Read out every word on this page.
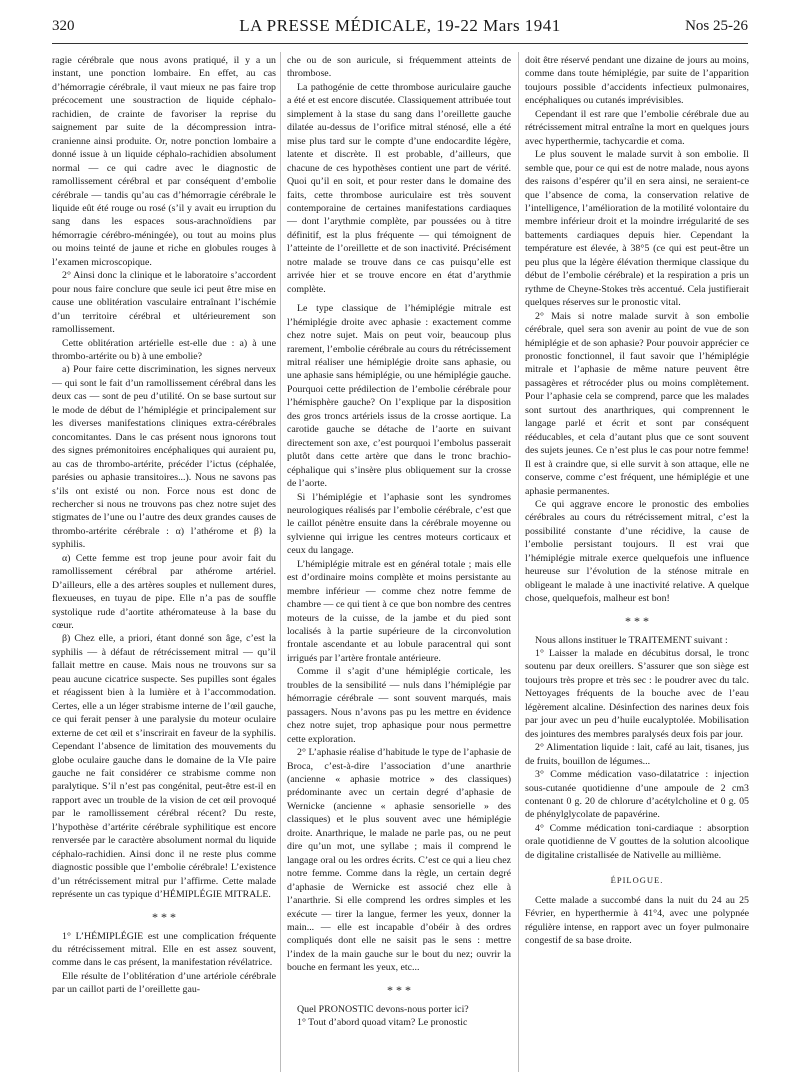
320	LA PRESSE MÉDICALE, 19-22 Mars 1941	Nos 25-26

ragie cérébrale que nous avons pratiqué, il y a un instant, une ponction lombaire. En effet, au cas d’hémorragie cérébrale, il vaut mieux ne pas faire trop précocement une soustraction de liquide céphalo-rachidien, de crainte de favoriser la reprise du saignement par suite de la décompression intra-cranienne ainsi produite. Or, notre ponction lombaire a donné issue à un liquide céphalo-rachidien absolument normal — ce qui cadre avec le diagnostic de ramollissement cérébral et par conséquent d’embolie cérébrale — tandis qu’au cas d’hémorragie cérébrale le liquide eût été rouge ou rosé (s’il y avait eu irruption du sang dans les espaces sous-arachnoïdiens par hémorragie cérébro-méningée), ou tout au moins plus ou moins teinté de jaune et riche en globules rouges à l’examen microscopique.

2° Ainsi donc la clinique et le laboratoire s’accordent pour nous faire conclure que seule ici peut être mise en cause une oblitération vasculaire entraînant l’ischémie d’un territoire cérébral et ultérieurement son ramollissement.

Cette oblitération artérielle est-elle due : a) à une thrombo-artérite ou b) à une embolie?

a) Pour faire cette discrimination, les signes nerveux — qui sont le fait d’un ramollissement cérébral dans les deux cas — sont de peu d’utilité. On se base surtout sur le mode de début de l’hémiplégie et principalement sur les diverses manifestations cliniques extra-cérébrales concomitantes. Dans le cas présent nous ignorons tout des signes prémonitoires encéphaliques qui auraient pu, au cas de thrombo-artérite, précéder l’ictus (céphalée, parésies ou aphasie transitoires...). Nous ne savons pas s’ils ont existé ou non. Force nous est donc de rechercher si nous ne trouvons pas chez notre sujet des stigmates de l’une ou l’autre des deux grandes causes de thrombo-artérite cérébrale : α) l’athérome et β) la syphilis.

α) Cette femme est trop jeune pour avoir fait du ramollissement cérébral par athérome artériel. D’ailleurs, elle a des artères souples et nullement dures, flexueuses, en tuyau de pipe. Elle n’a pas de souffle systolique rude d’aortite athéromateuse à la base du cœur.

β) Chez elle, a priori, étant donné son âge, c’est la syphilis — à défaut de rétrécissement mitral — qu’il fallait mettre en cause. Mais nous ne trouvons sur sa peau aucune cicatrice suspecte. Ses pupilles sont égales et réagissent bien à la lumière et à l’accommodation. Certes, elle a un léger strabisme interne de l’œil gauche, ce qui ferait penser à une paralysie du moteur oculaire externe de cet œil et s’inscrirait en faveur de la syphilis. Cependant l’absence de limitation des mouvements du globe oculaire gauche dans le domaine de la VIe paire gauche ne fait considérer ce strabisme comme non paralytique. S’il n’est pas congénital, peut-être est-il en rapport avec un trouble de la vision de cet œil provoqué par le ramollissement cérébral récent? Du reste, l’hypothèse d’artérite cérébrale syphilitique est encore renversée par le caractère absolument normal du liquide céphalo-rachidien. Ainsi donc il ne reste plus comme diagnostic possible que l’embolie cérébrale! L’existence d’un rétrécissement mitral pur l’affirme. Cette malade représente un cas typique d’HÉMIPLÉGIE MITRALE.

* * *

1° L’HÉMIPLÉGIE est une complication fréquente du rétrécissement mitral. Elle en est assez souvent, comme dans le cas présent, la manifestation révélatrice.

Elle résulte de l’oblitération d’une artériole cérébrale par un caillot parti de l’oreillette gau-

che ou de son auricule, si fréquemment atteints de thrombose.

La pathogénie de cette thrombose auriculaire gauche a été et est encore discutée. Classiquement attribuée tout simplement à la stase du sang dans l’oreillette gauche dilatée au-dessus de l’orifice mitral sténosé, elle a été mise plus tard sur le compte d’une endocardite légère, latente et discrète. Il est probable, d’ailleurs, que chacune de ces hypothèses contient une part de vérité. Quoi qu’il en soit, et pour rester dans le domaine des faits, cette thrombose auriculaire est très souvent contemporaine de certaines manifestations cardiaques — dont l’arythmie complète, par poussées ou à titre définitif, est la plus fréquente — qui témoignent de l’atteinte de l’oreillette et de son inactivité. Précisément notre malade se trouve dans ce cas puisqu’elle est arrivée hier et se trouve encore en état d’arythmie complète.

Le type classique de l’hémiplégie mitrale est l’hémiplégie droite avec aphasie : exactement comme chez notre sujet. Mais on peut voir, beaucoup plus rarement, l’embolie cérébrale au cours du rétrécissement mitral réaliser une hémiplégie droite sans aphasie, ou une aphasie sans hémiplégie, ou une hémiplégie gauche. Pourquoi cette prédilection de l’embolie cérébrale pour l’hémisphère gauche? On l’explique par la disposition des gros troncs artériels issus de la crosse aortique. La carotide gauche se détache de l’aorte en suivant directement son axe, c’est pourquoi l’embolus passerait plutôt dans cette artère que dans le tronc brachio-céphalique qui s’insère plus obliquement sur la crosse de l’aorte.

Si l’hémiplégie et l’aphasie sont les syndromes neurologiques réalisés par l’embolie cérébrale, c’est que le caillot pénètre ensuite dans la cérébrale moyenne ou sylvienne qui irrigue les centres moteurs corticaux et ceux du langage.

L’hémiplégie mitrale est en général totale ; mais elle est d’ordinaire moins complète et moins persistante au membre inférieur — comme chez notre femme de chambre — ce qui tient à ce que bon nombre des centres moteurs de la cuisse, de la jambe et du pied sont localisés à la partie supérieure de la circonvolution frontale ascendante et au lobule paracentral qui sont irrigués par l’artère frontale antérieure.

Comme il s’agit d’une hémiplégie corticale, les troubles de la sensibilité — nuls dans l’hémiplégie par hémorragie cérébrale — sont souvent marqués, mais passagers. Nous n’avons pas pu les mettre en évidence chez notre sujet, trop aphasique pour nous permettre cette exploration.

2° L’aphasie réalise d’habitude le type de l’aphasie de Broca, c’est-à-dire l’association d’une anarthrie (ancienne « aphasie motrice » des classiques) prédominante avec un certain degré d’aphasie de Wernicke (ancienne « aphasie sensorielle » des classiques) et le plus souvent avec une hémiplégie droite. Anarthrique, le malade ne parle pas, ou ne peut dire qu’un mot, une syllabe ; mais il comprend le langage oral ou les ordres écrits. C’est ce qui a lieu chez notre femme. Comme dans la règle, un certain degré d’aphasie de Wernicke est associé chez elle à l’anarthrie. Si elle comprend les ordres simples et les exécute — tirer la langue, fermer les yeux, donner la main... — elle est incapable d’obéir à des ordres compliqués dont elle ne saisit pas le sens : mettre l’index de la main gauche sur le bout du nez; ouvrir la bouche en fermant les yeux, etc...

* * *

Quel PRONOSTIC devons-nous porter ici?

1° Tout d’abord quoad vitam? Le pronostic

doit être réservé pendant une dizaine de jours au moins, comme dans toute hémiplégie, par suite de l’apparition toujours possible d’accidents infectieux pulmonaires, encéphaliques ou cutanés imprévisibles.

Cependant il est rare que l’embolie cérébrale due au rétrécissement mitral entraîne la mort en quelques jours avec hyperthermie, tachycardie et coma.

Le plus souvent le malade survit à son embolie. Il semble que, pour ce qui est de notre malade, nous ayons des raisons d’espérer qu’il en sera ainsi, ne seraient-ce que l’absence de coma, la conservation relative de l’intelligence, l’amélioration de la motilité volontaire du membre inférieur droit et la moindre irrégularité de ses battements cardiaques depuis hier. Cependant la température est élevée, à 38°5 (ce qui est peut-être un peu plus que la légère élévation thermique classique du début de l’embolie cérébrale) et la respiration a pris un rythme de Cheyne-Stokes très accentué. Cela justifierait quelques réserves sur le pronostic vital.

2° Mais si notre malade survit à son embolie cérébrale, quel sera son avenir au point de vue de son hémiplégie et de son aphasie? Pour pouvoir apprécier ce pronostic fonctionnel, il faut savoir que l’hémiplégie mitrale et l’aphasie de même nature peuvent être passagères et rétrocéder plus ou moins complètement. Pour l’aphasie cela se comprend, parce que les malades sont surtout des anarthriques, qui comprennent le langage parlé et écrit et sont par conséquent rééducables, et cela d’autant plus que ce sont souvent des sujets jeunes. Ce n’est plus le cas pour notre femme! Il est à craindre que, si elle survit à son attaque, elle ne conserve, comme c’est fréquent, une hémiplégie et une aphasie permanentes.

Ce qui aggrave encore le pronostic des embolies cérébrales au cours du rétrécissement mitral, c’est la possibilité constante d’une récidive, la cause de l’embolie persistant toujours. Il est vrai que l’hémiplégie mitrale exerce quelquefois une influence heureuse sur l’évolution de la sténose mitrale en obligeant le malade à une inactivité relative. A quelque chose, quelquefois, malheur est bon!

* * *

Nous allons instituer le TRAITEMENT suivant :

1° Laisser la malade en décubitus dorsal, le tronc soutenu par deux oreillers. S’assurer que son siège est toujours très propre et très sec : le poudrer avec du talc. Nettoyages fréquents de la bouche avec de l’eau légèrement alcaline. Désinfection des narines deux fois par jour avec un peu d’huile eucalyptolée. Mobilisation des jointures des membres paralysés deux fois par jour.

2° Alimentation liquide : lait, café au lait, tisanes, jus de fruits, bouillon de légumes...

3° Comme médication vaso-dilatatrice : injection sous-cutanée quotidienne d’une ampoule de 2 cm3 contenant 0 g. 20 de chlorure d’acétylcholine et 0 g. 05 de phénylglycolate de papavérine.

4° Comme médication toni-cardiaque : absorption orale quotidienne de V gouttes de la solution alcoolique de digitaline cristallisée de Nativelle au millième.

ÉPILOGUE.

Cette malade a succombé dans la nuit du 24 au 25 Février, en hyperthermie à 41°4, avec une polypnée régulière intense, en rapport avec un foyer pulmonaire congestif de sa base droite.
